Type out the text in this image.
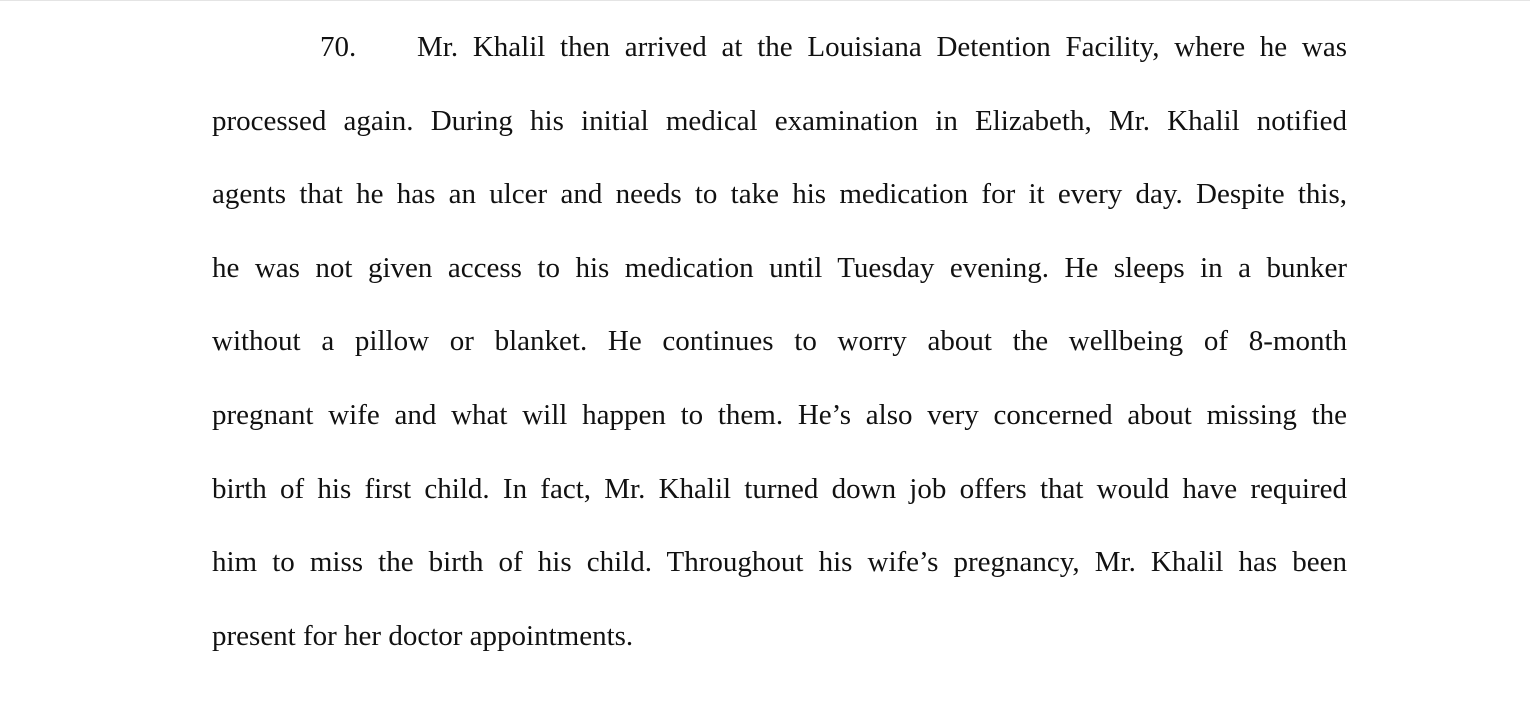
70. Mr. Khalil then arrived at the Louisiana Detention Facility, where he was
processed again. During his initial medical examination in Elizabeth, Mr. Khalil notified
agents that he has an ulcer and needs to take his medication for it every day. Despite this,
he was not given access to his medication until Tuesday evening. He sleeps in a bunker
without a pillow or blanket. He continues to worry about the wellbeing of 8-month
pregnant wife and what will happen to them. He’s also very concerned about missing the
birth of his first child. In fact, Mr. Khalil turned down job offers that would have required
him to miss the birth of his child. Throughout his wife’s pregnancy, Mr. Khalil has been
present for her doctor appointments.
